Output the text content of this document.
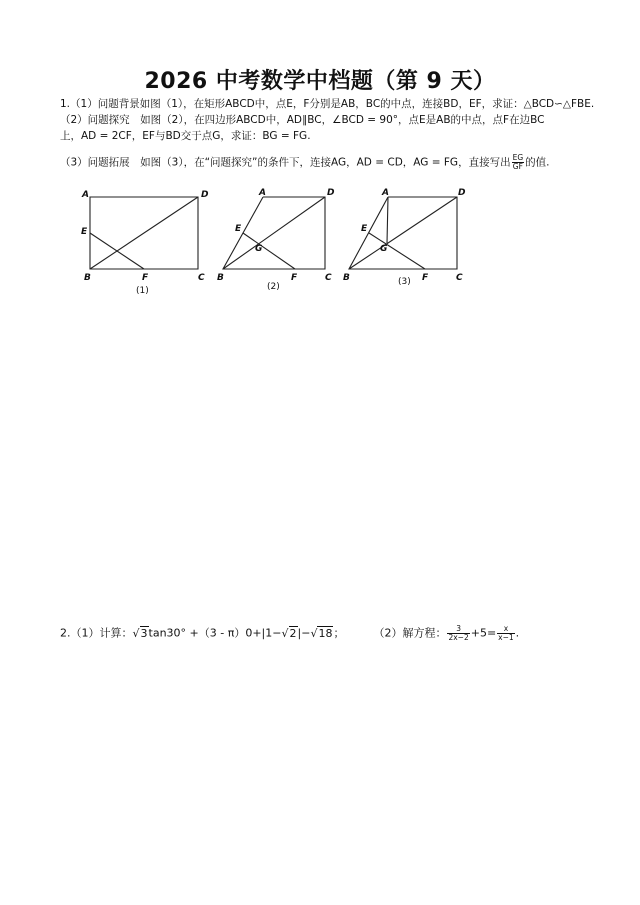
2026 中考数学中档题（第 9 天）
1.（1）问题背景如图（1），在矩形ABCD中，点E，F分别是AB，BC的中点，连接BD，EF，求证：△BCD∽△FBE.
（2）问题探究　如图（2），在四边形ABCD中，AD∥BC，∠BCD = 90°，点E是AB的中点，点F在边BC
上，AD = 2CF，EF与BD交于点G，求证：BG = FG.
（3）问题拓展　如图（3），在“问题探究”的条件下，连接AG，AD = CD，AG = FG，直接写出 $\frac{EG}{GF}$ 的值.
A	D
E
B	F	C
(1)
A	D
E
G
B	F	C
(2)
A	D
E
G
B	F	C
(3)
2.（1）计算：√3tan30° +（3 - π）0+|1−√2|−√18；	（2）解方程： $\frac{3}{2x-2} +5= \frac{x}{x-1}$ .
